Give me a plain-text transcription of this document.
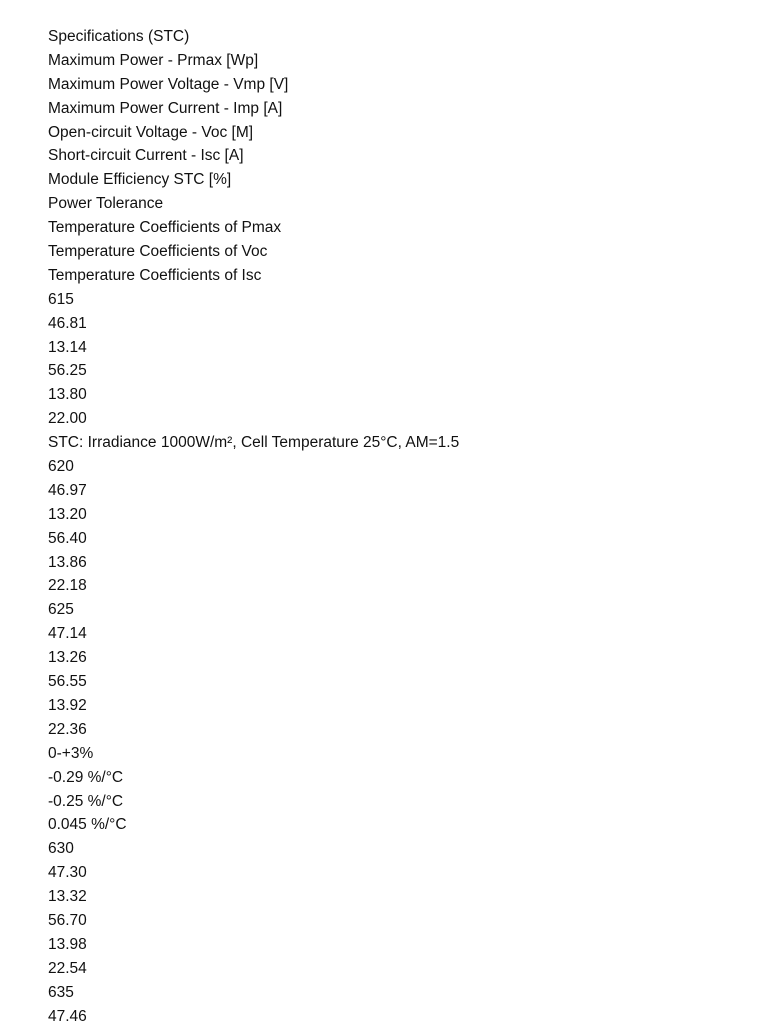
Specifications (STC)
Maximum Power - Prmax [Wp]
Maximum Power Voltage - Vmp [V]
Maximum Power Current - Imp [A]
Open-circuit Voltage - Voc [M]
Short-circuit Current - Isc [A]
Module Efficiency STC [%]
Power Tolerance
Temperature Coefficients of Pmax
Temperature Coefficients of Voc
Temperature Coefficients of Isc
615
46.81
13.14
56.25
13.80
22.00
STC: Irradiance 1000W/m², Cell Temperature 25°C, AM=1.5
620
46.97
13.20
56.40
13.86
22.18
625
47.14
13.26
56.55
13.92
22.36
0-+3%
-0.29 %/°C
-0.25 %/°C
0.045 %/°C
630
47.30
13.32
56.70
13.98
22.54
635
47.46
